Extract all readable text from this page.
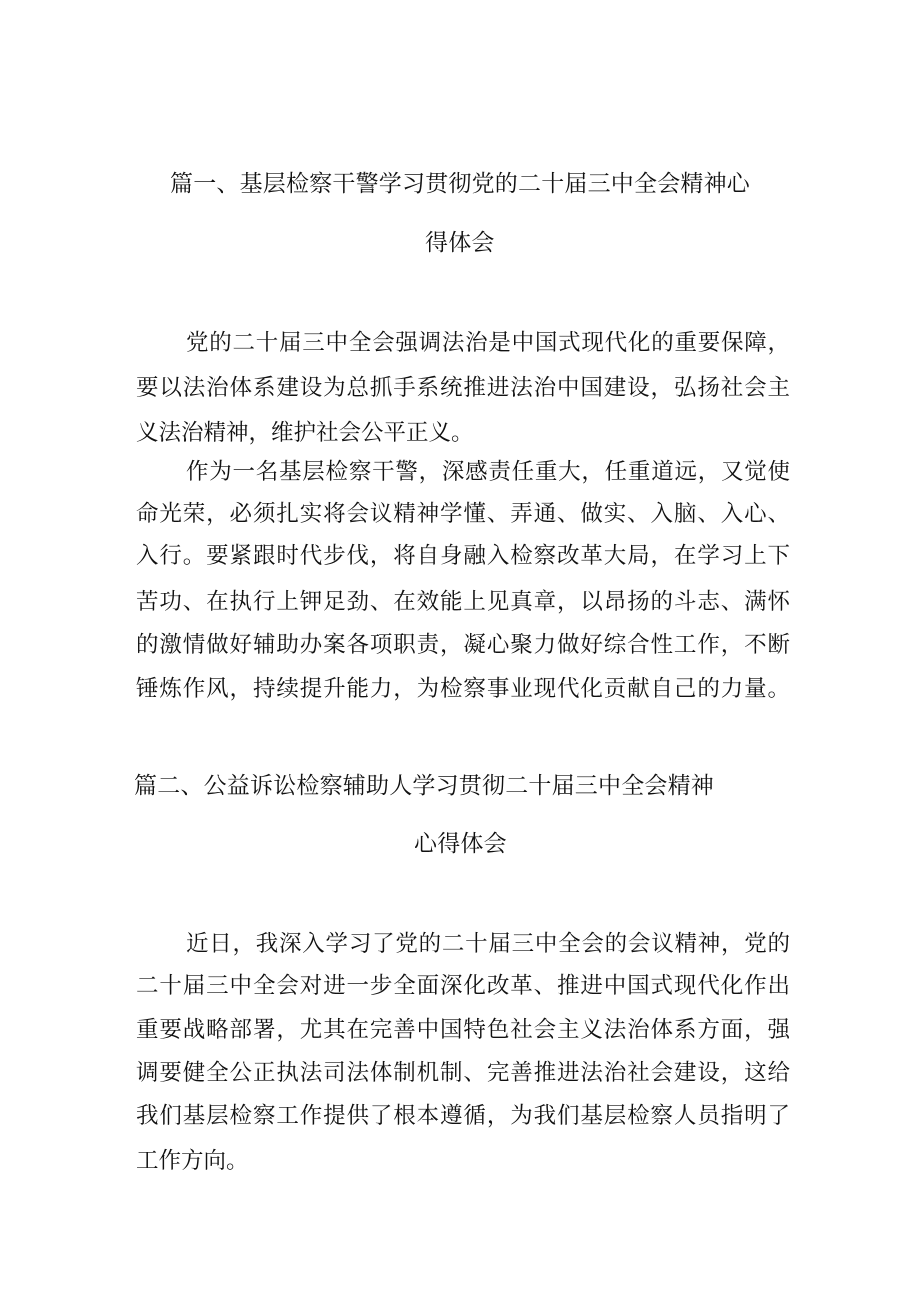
篇一、基层检察干警学习贯彻党的二十届三中全会精神心
得体会
党的二十届三中全会强调法治是中国式现代化的重要保障，
要以法治体系建设为总抓手系统推进法治中国建设，弘扬社会主
义法治精神，维护社会公平正义。
作为一名基层检察干警，深感责任重大，任重道远，又觉使
命光荣，必须扎实将会议精神学懂、弄通、做实、入脑、入心、
入行。要紧跟时代步伐，将自身融入检察改革大局，在学习上下
苦功、在执行上钾足劲、在效能上见真章，以昂扬的斗志、满怀
的激情做好辅助办案各项职责，凝心聚力做好综合性工作，不断
锤炼作风，持续提升能力，为检察事业现代化贡献自己的力量。
篇二、公益诉讼检察辅助人学习贯彻二十届三中全会精神
心得体会
近日，我深入学习了党的二十届三中全会的会议精神，党的
二十届三中全会对进一步全面深化改革、推进中国式现代化作出
重要战略部署，尤其在完善中国特色社会主义法治体系方面，强
调要健全公正执法司法体制机制、完善推进法治社会建设，这给
我们基层检察工作提供了根本遵循，为我们基层检察人员指明了
工作方向。
